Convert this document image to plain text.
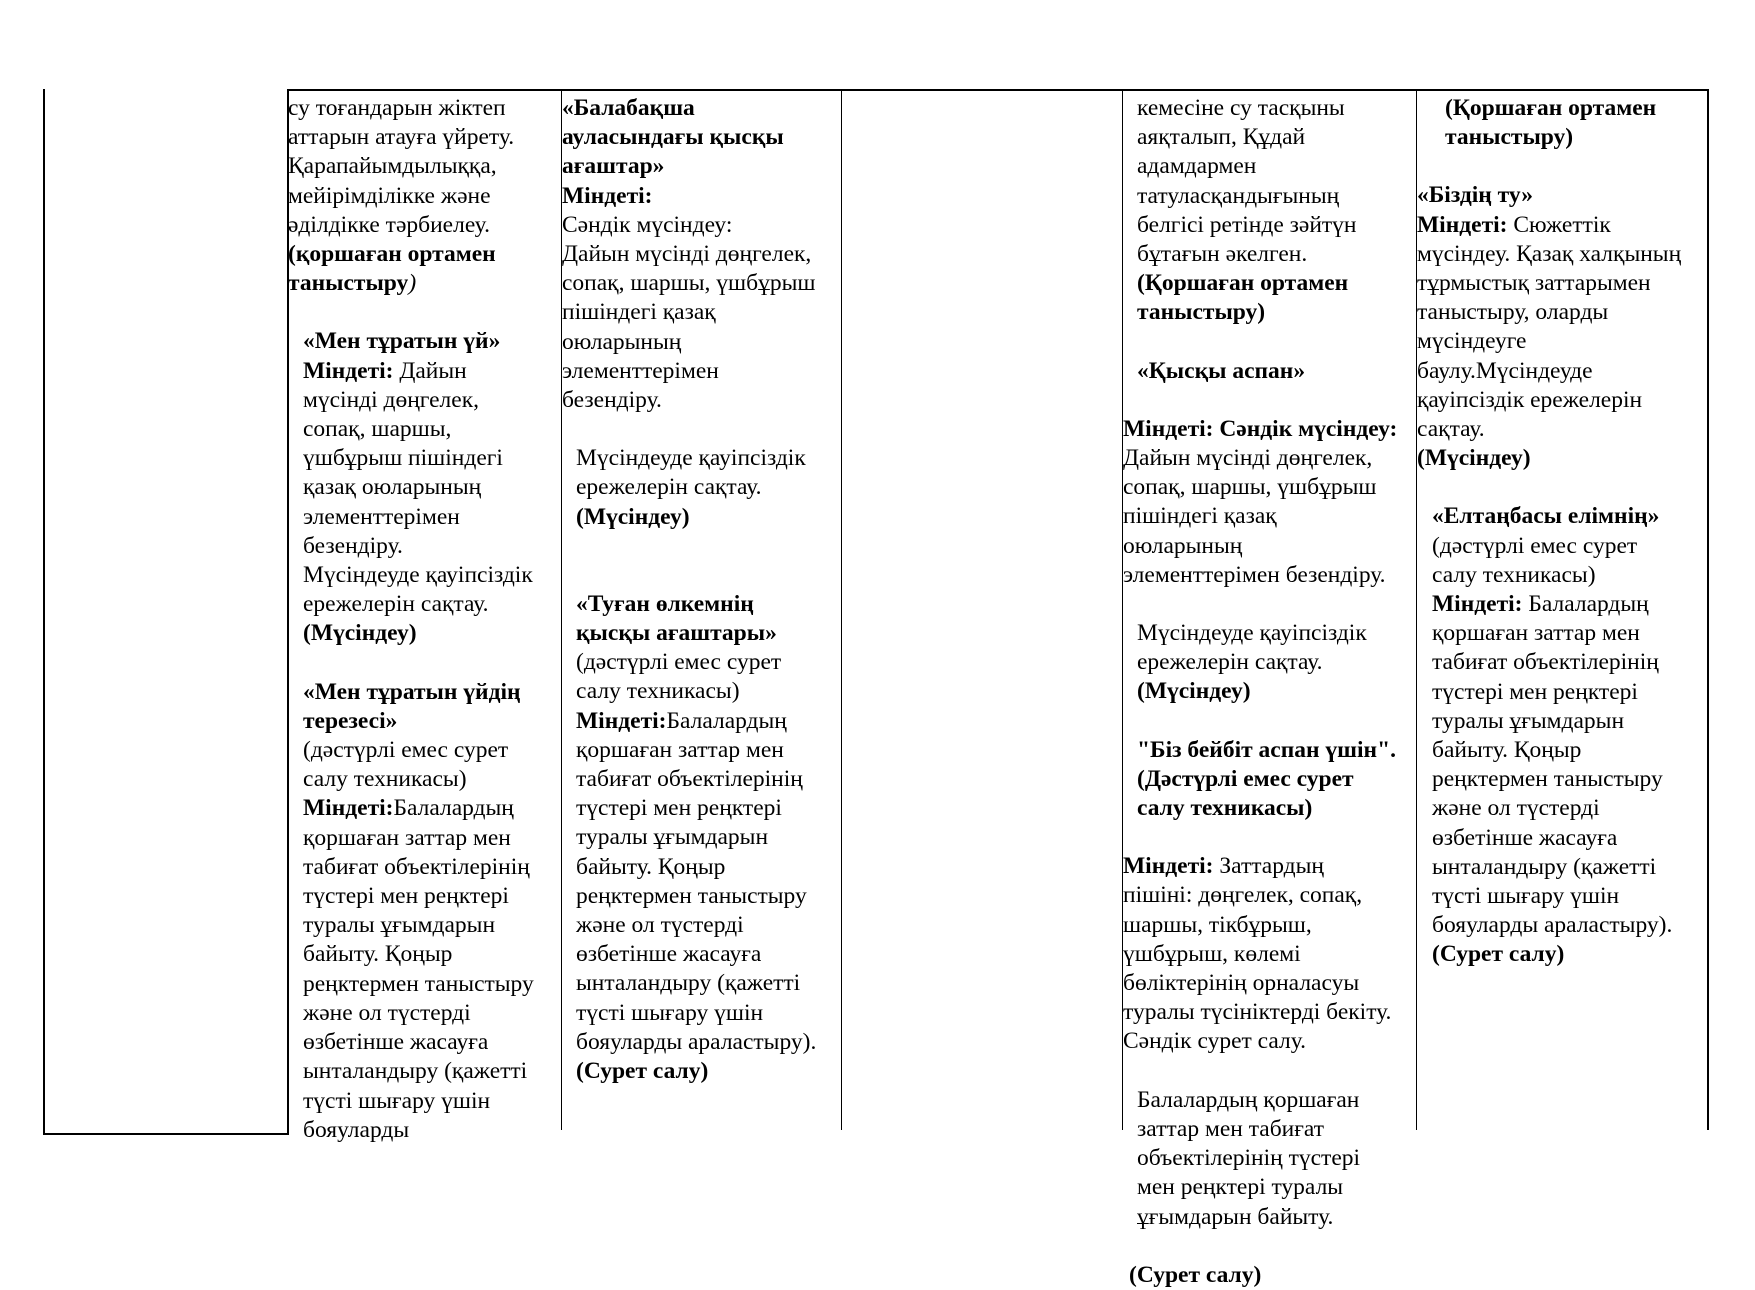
су тоғандарын жіктеп

аттарын атауға үйрету.

Қарапайымдылыққа,

мейірімділікке және

әділдікке тәрбиелеу.

(қоршаған ортамен

таныстыру)

«Мен тұратын үй»

Міндеті: Дайын

мүсінді дөңгелек,

сопақ, шаршы,

үшбұрыш пішіндегі

қазақ оюларының

элементтерімен

безендіру.

Мүсіндеуде қауіпсіздік

ережелерін сақтау.

(Мүсіндеу)

«Мен тұратын үйдің

терезесі»

(дәстүрлі емес сурет

салу техникасы)

Міндеті:Балалардың

қоршаған заттар мен

табиғат объектілерінің

түстері мен реңктері

туралы ұғымдарын

байыту. Қоңыр

реңктермен таныстыру

және ол түстерді

өзбетінше жасауға

ынталандыру (қажетті

түсті шығару үшін

бояуларды

«Балабақша

ауласындағы қысқы

ағаштар»

Міндеті:

Сәндік мүсіндеу:

Дайын мүсінді дөңгелек,

сопақ, шаршы, үшбұрыш

пішіндегі қазақ

оюларының

элементтерімен

безендіру.

Мүсіндеуде қауіпсіздік

ережелерін сақтау.

(Мүсіндеу)

«Туған өлкемнің

қысқы ағаштары»

(дәстүрлі емес сурет

салу техникасы)

Міндеті:Балалардың

қоршаған заттар мен

табиғат объектілерінің

түстері мен реңктері

туралы ұғымдарын

байыту. Қоңыр

реңктермен таныстыру

және ол түстерді

өзбетінше жасауға

ынталандыру (қажетті

түсті шығару үшін

бояуларды араластыру).

(Сурет салу)

кемесіне су тасқыны

аяқталып, Құдай

адамдармен

татуласқандығының

белгісі ретінде зәйтүн

бұтағын әкелген.

(Қоршаған ортамен

таныстыру)

«Қысқы аспан»

Міндеті: Сәндік мүсіндеу:

Дайын мүсінді дөңгелек,

сопақ, шаршы, үшбұрыш

пішіндегі қазақ

оюларының

элементтерімен безендіру.

Мүсіндеуде қауіпсіздік

ережелерін сақтау.

(Мүсіндеу)

"Біз бейбіт аспан үшін".

(Дәстүрлі емес сурет

салу техникасы)

Міндеті: Заттардың

пішіні: дөңгелек, сопақ,

шаршы, тікбұрыш,

үшбұрыш, көлемі

бөліктерінің орналасуы

туралы түсініктерді бекіту.

Сәндік сурет салу.

Балалардың қоршаған

заттар мен табиғат

объектілерінің түстері

мен реңктері туралы

ұғымдарын байыту.

(Сурет салу)

(Қоршаған ортамен

таныстыру)

«Біздің ту»

Міндеті: Сюжеттік

мүсіндеу. Қазақ халқының

тұрмыстық заттарымен

таныстыру, оларды

мүсіндеуге

баулу.Мүсіндеуде

қауіпсіздік ережелерін

сақтау.

(Мүсіндеу)

«Елтаңбасы елімнің»

(дәстүрлі емес сурет

салу техникасы)

Міндеті: Балалардың

қоршаған заттар мен

табиғат объектілерінің

түстері мен реңктері

туралы ұғымдарын

байыту. Қоңыр

реңктермен таныстыру

және ол түстерді

өзбетінше жасауға

ынталандыру (қажетті

түсті шығару үшін

бояуларды араластыру).

(Сурет салу)
